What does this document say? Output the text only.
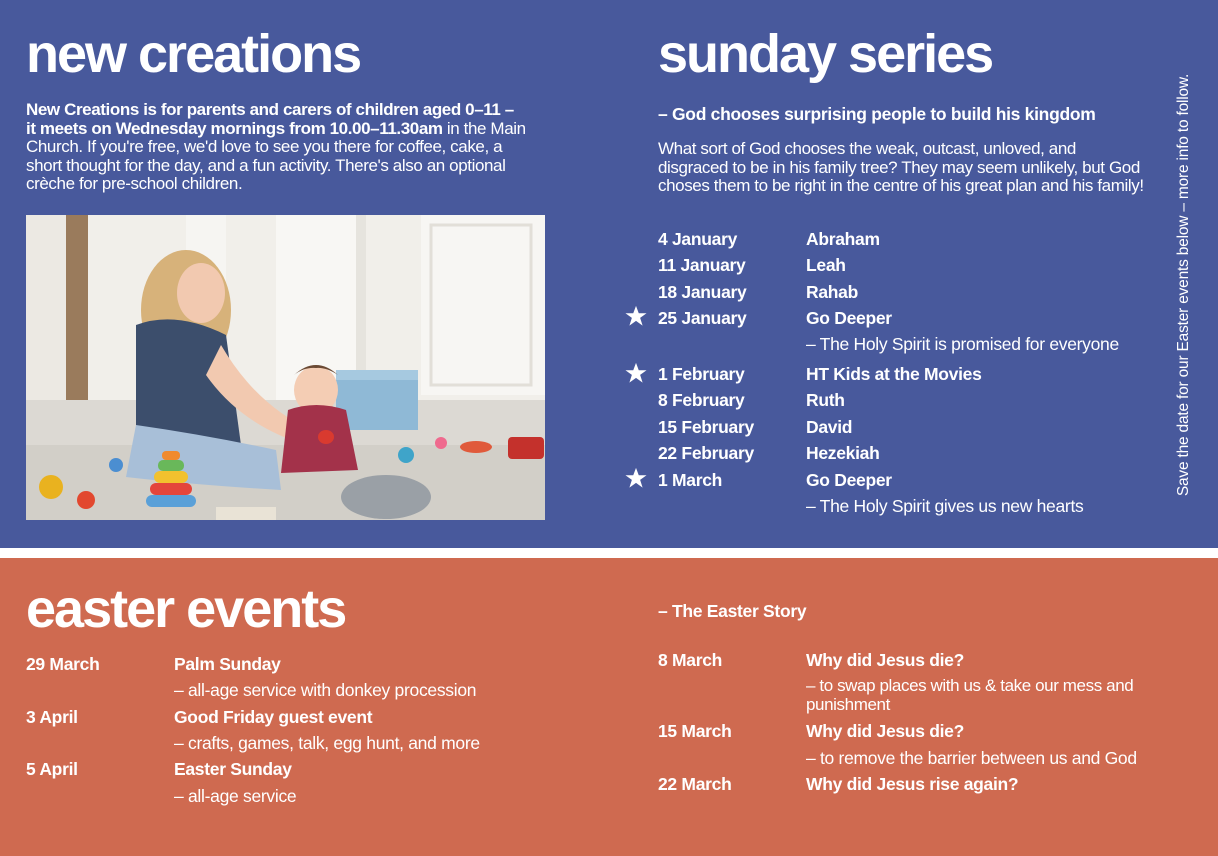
new creations
New Creations is for parents and carers of children aged 0–11 – it meets on Wednesday mornings from 10.00–11.30am in the Main Church. If you're free, we'd love to see you there for coffee, cake, a short thought for the day, and a fun activity. There's also an optional crèche for pre-school children.
sunday series
– God chooses surprising people to build his kingdom
What sort of God chooses the weak, outcast, unloved, and disgraced to be in his family tree? They may seem unlikely, but God choses them to be right in the centre of his great plan and his family!
4 January	Abraham
11 January	Leah
18 January	Rahab
25 January	Go Deeper
– The Holy Spirit is promised for everyone
1 February	HT Kids at the Movies
8 February	Ruth
15 February	David
22 February	Hezekiah
1 March	Go Deeper
– The Holy Spirit gives us new hearts
Save the date for our Easter events below – more info to follow.
easter events
29 March	Palm Sunday
– all-age service with donkey procession
3 April	Good Friday guest event
– crafts, games, talk, egg hunt, and more
5 April	Easter Sunday
– all-age service
– The Easter Story
8 March	Why did Jesus die?
– to swap places with us & take our mess and punishment
15 March	Why did Jesus die?
– to remove the barrier between us and God
22 March	Why did Jesus rise again?
